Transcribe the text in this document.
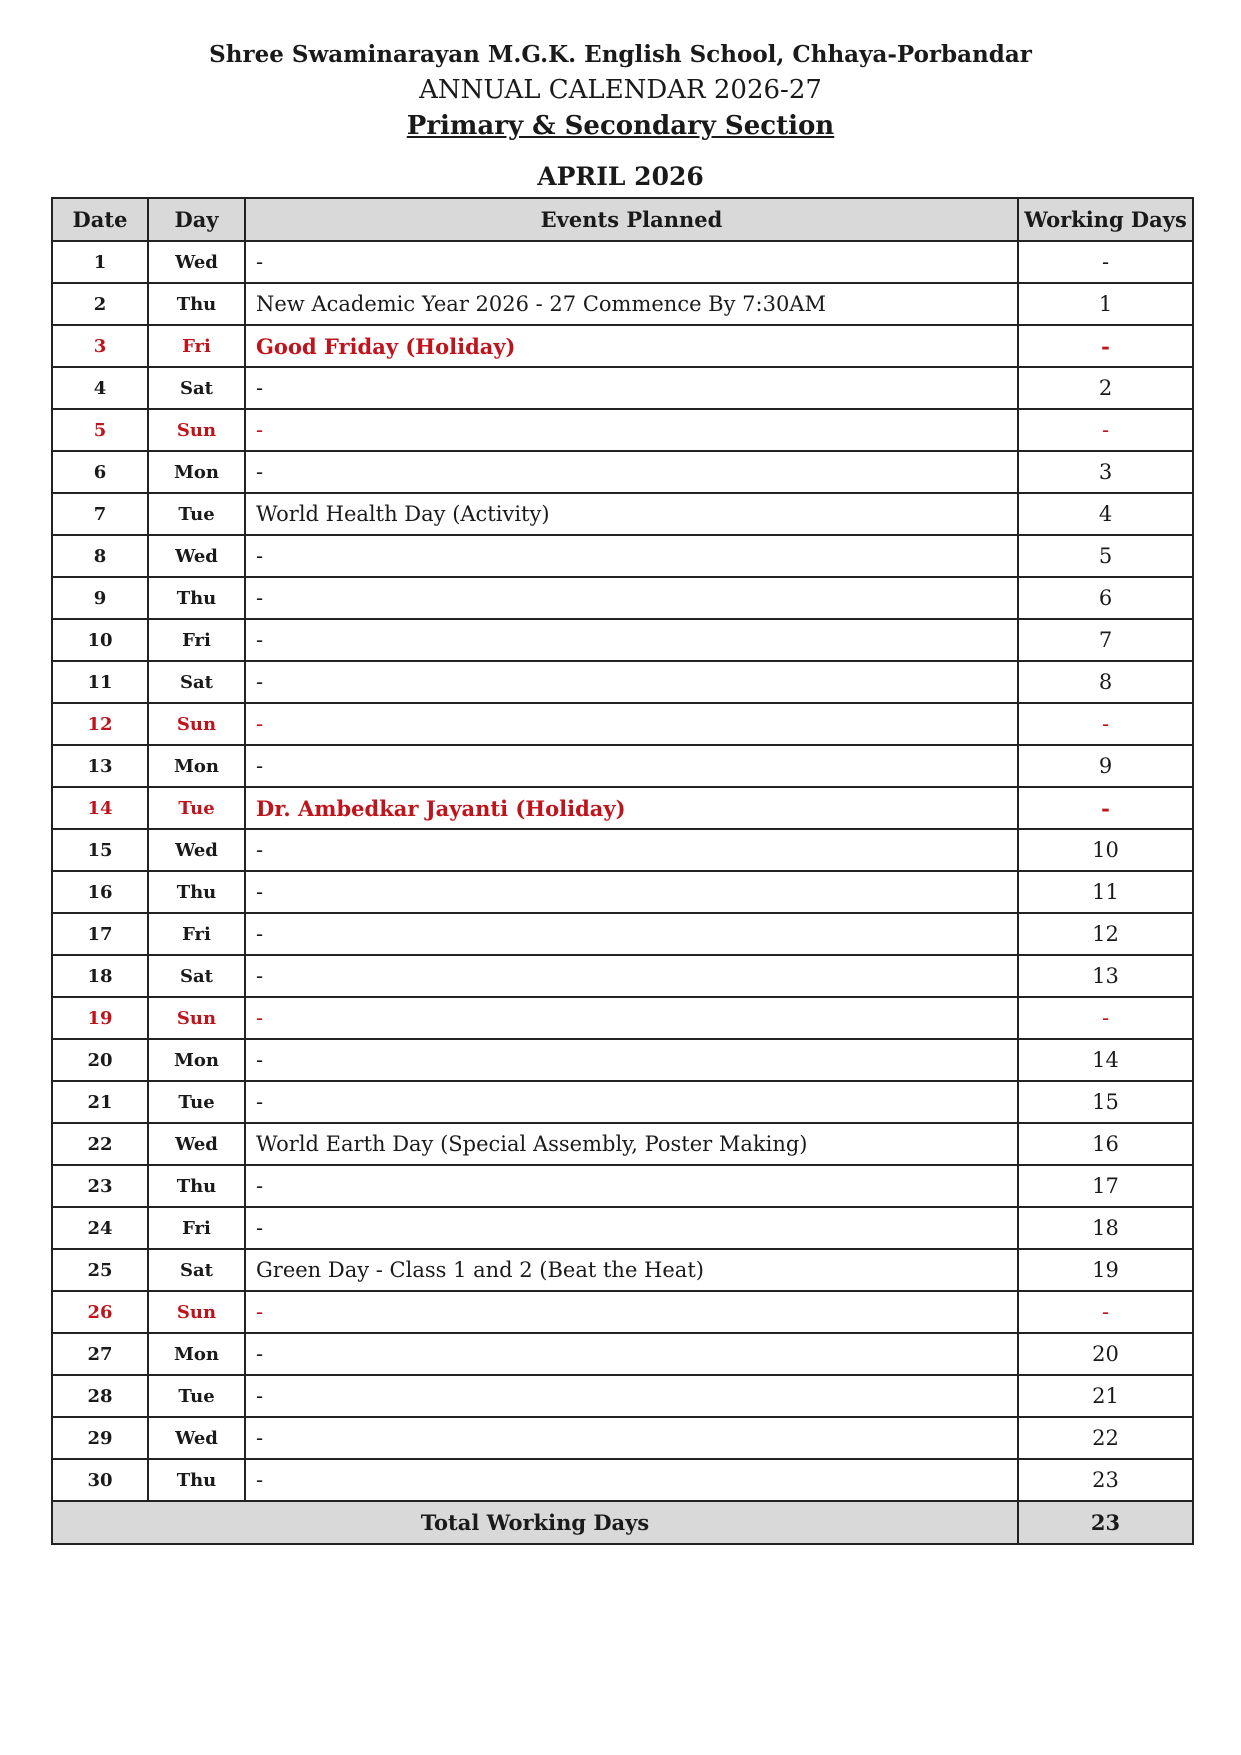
Shree Swaminarayan M.G.K. English School, Chhaya-Porbandar
ANNUAL CALENDAR 2026-27
Primary & Secondary Section
APRIL 2026
Date	Day	Events Planned	Working Days
1	Wed	-	-
2	Thu	New Academic Year 2026 - 27 Commence By 7:30AM	1
3	Fri	Good Friday (Holiday)	-
4	Sat	-	2
5	Sun	-	-
6	Mon	-	3
7	Tue	World Health Day (Activity)	4
8	Wed	-	5
9	Thu	-	6
10	Fri	-	7
11	Sat	-	8
12	Sun	-	-
13	Mon	-	9
14	Tue	Dr. Ambedkar Jayanti (Holiday)	-
15	Wed	-	10
16	Thu	-	11
17	Fri	-	12
18	Sat	-	13
19	Sun	-	-
20	Mon	-	14
21	Tue	-	15
22	Wed	World Earth Day (Special Assembly, Poster Making)	16
23	Thu	-	17
24	Fri	-	18
25	Sat	Green Day - Class 1 and 2 (Beat the Heat)	19
26	Sun	-	-
27	Mon	-	20
28	Tue	-	21
29	Wed	-	22
30	Thu	-	23
Total Working Days			23
